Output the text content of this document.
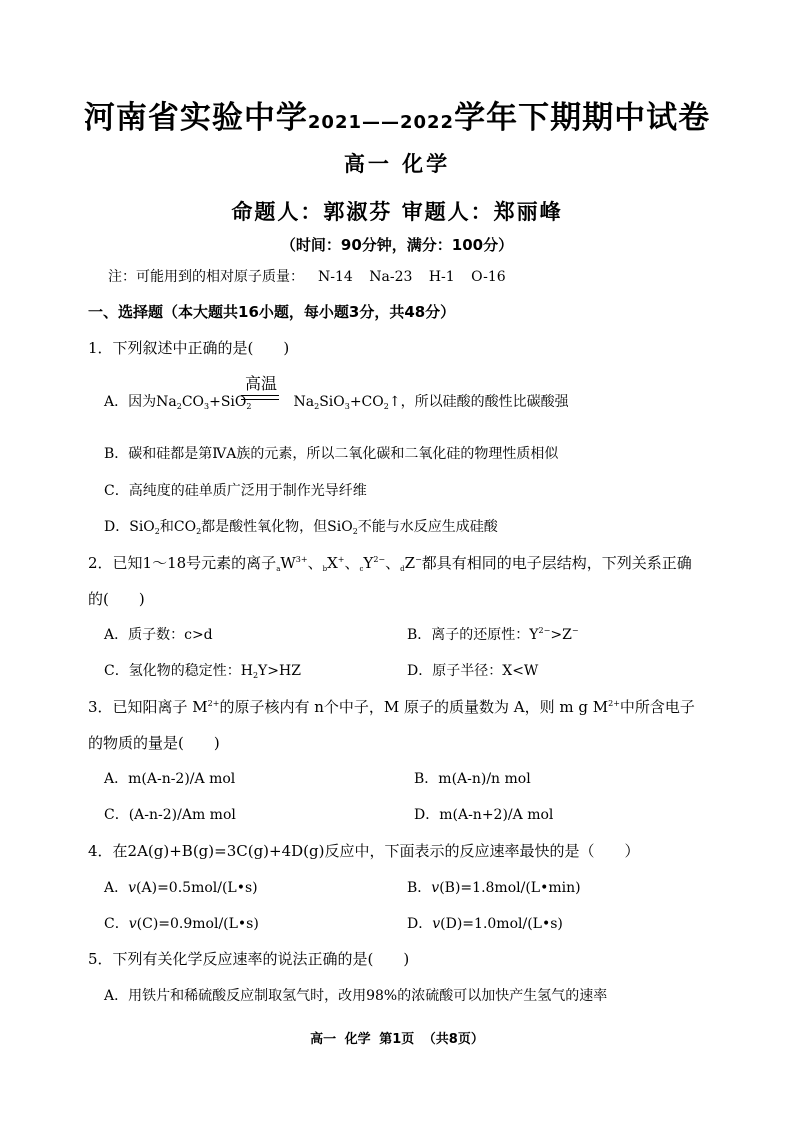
河南省实验中学2021——2022学年下期期中试卷
高一 化学
命题人：郭淑芬 审题人：郑丽峰
（时间：90分钟，满分：100分）
注：可能用到的相对原子质量： N-14 Na-23 H-1 O-16
一、选择题（本大题共16小题，每小题3分，共48分）
1．下列叙述中正确的是(　　)
高温
A．因为$Na_2CO_3+SiO_2$	$Na_2SiO_3+CO_2↑$，所以硅酸的酸性比碳酸强
B．碳和硅都是第ⅣA族的元素，所以二氧化碳和二氧化硅的物理性质相似
C．高纯度的硅单质广泛用于制作光导纤维
D．SiO$_2$和$CO_2$都是酸性氧化物，但SiO$_2$不能与水反应生成硅酸
2．已知1～18号元素的离子$_aW^{3+}$、$_b$X+、$_cY^{2-}$、$_d$Z−都具有相同的电子层结构，下列关系正确
的(　　)
A．质子数：c>d	B．离子的还原性：$Y^{2-}>Z^-$
C．氢化物的稳定性：$H_2Y>HZ$	D．原子半径：X<W
3．已知阳离子 $M^{2+}$的原子核内有 n个中子，M 原子的质量数为 A，则 m g $M^{2+}$中所含电子
的物质的量是(　　)
A．m(A-n-2)/A mol	B．m(A-n)/n mol
C．(A-n-2)/Am mol	D．m(A-n+2)/A mol
4．在2A(g)+B(g)=3C(g)+4D(g)反应中，下面表示的反应速率最快的是（　　）
A．v(A)=0.5mol/(L•s)	B．v(B)=1.8mol/(L•min)
C．v(C)=0.9mol/(L•s)	D．v(D)=1.0mol/(L•s)
5．下列有关化学反应速率的说法正确的是(　　)
A．用铁片和稀硫酸反应制取氢气时，改用98%的浓硫酸可以加快产生氢气的速率
高一 化学 第1页 （共8页）
